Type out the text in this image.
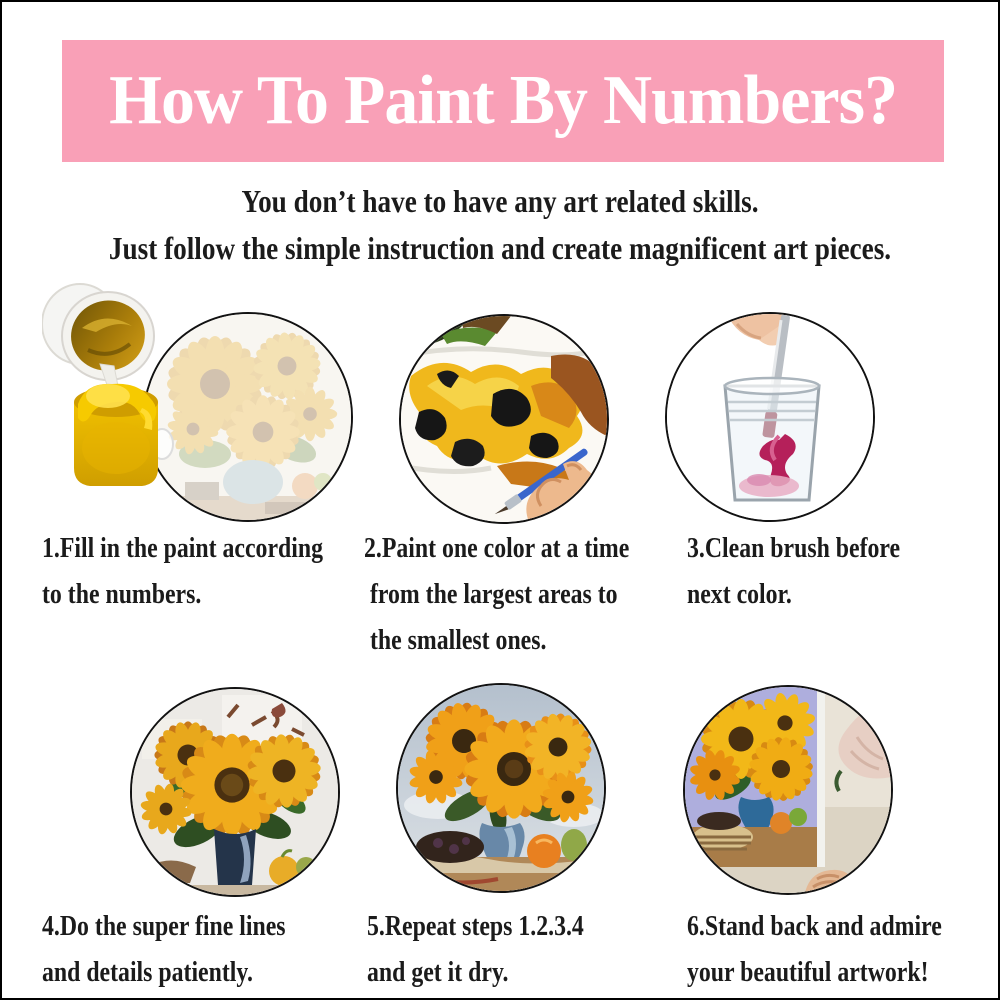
How To Paint By Numbers?
You don’t have to have any art related skills.
Just follow the simple instruction and create magnificent art pieces.
1.Fill in the paint according
to the numbers.
2.Paint one color at a time
from the largest areas to
the smallest ones.
3.Clean brush before
next color.
4.Do the super fine lines
and details patiently.
5.Repeat steps 1.2.3.4
and get it dry.
6.Stand back and admire
your beautiful artwork!
